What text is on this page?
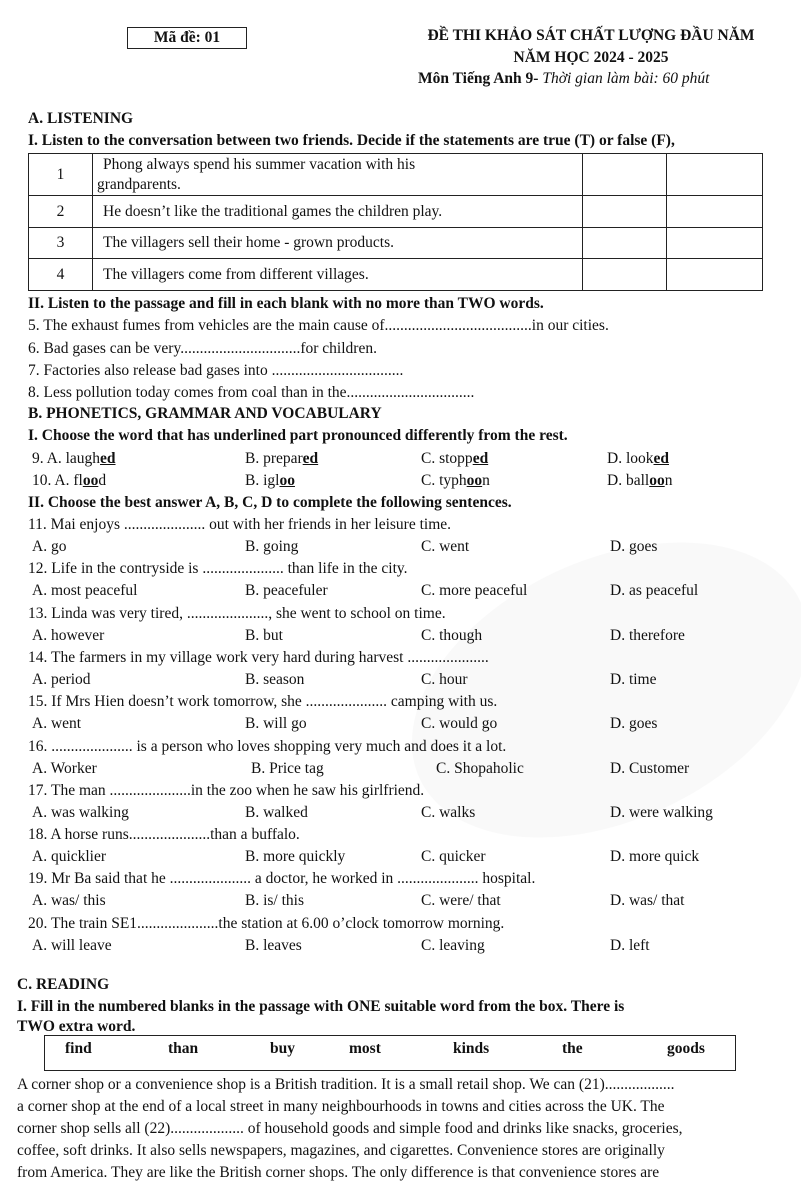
Mã đề: 01	ĐỀ THI KHẢO SÁT CHẤT LƯỢNG ĐẦU NĂM
NĂM HỌC 2024 - 2025
Môn Tiếng Anh 9- Thời gian làm bài: 60 phút
A. LISTENING
I. Listen to the conversation between two friends. Decide if the statements are true (T) or false (F),
1	Phong always spend his summer vacation with his
grandparents.		

2	He doesn’t like the traditional games the children play.		
3	The villagers sell their home - grown products.		
4	The villagers come from different villages.		
II. Listen to the passage and fill in each blank with no more than TWO words.
5. The exhaust fumes from vehicles are the main cause of......................................in our cities.
6. Bad gases can be very...............................for children.
7. Factories also release bad gases into ..................................
8. Less pollution today comes from coal than in the.................................
B. PHONETICS, GRAMMAR AND VOCABULARY
I. Choose the word that has underlined part pronounced differently from the rest.
9. A. laughed	B. prepared	C. stopped	D. looked
10. A. flood	B. igloo	C. typhoon	D. balloon
II. Choose the best answer A, B, C, D to complete the following sentences.
11. Mai enjoys ..................... out with her friends in her leisure time.
A. go	B. going	C. went	D. goes
12. Life in the contryside is ..................... than life in the city.
A. most peaceful	B. peacefuler	C. more peaceful	D. as peaceful
13. Linda was very tired, ....................., she went to school on time.
A. however	B. but	C. though	D. therefore
14. The farmers in my village work very hard during harvest .....................
A. period	B. season	C. hour	D. time
15. If Mrs Hien doesn’t work tomorrow, she ..................... camping with us.
A. went	B. will go	C. would go	D. goes
16. ..................... is a person who loves shopping very much and does it a lot.
A. Worker	B. Price tag	C. Shopaholic	D. Customer
17. The man .....................in the zoo when he saw his girlfriend.
A. was walking	B. walked	C. walks	D. were walking
18. A horse runs.....................than a buffalo.
A. quicklier	B. more quickly	C. quicker	D. more quick
19. Mr Ba said that he ..................... a doctor, he worked in ..................... hospital.
A. was/ this	B. is/ this	C. were/ that	D. was/ that
20. The train SE1.....................the station at 6.00 o’clock tomorrow morning.
A. will leave	B. leaves	C. leaving	D. left
C. READING
I. Fill in the numbered blanks in the passage with ONE suitable word from the box. There is
TWO extra word.
find	than	buy	most	kinds	the	goods
A corner shop or a convenience shop is a British tradition. It is a small retail shop. We can (21)..................
a corner shop at the end of a local street in many neighbourhoods in towns and cities across the UK. The
corner shop sells all (22)................... of household goods and simple food and drinks like snacks, groceries,
coffee, soft drinks. It also sells newspapers, magazines, and cigarettes. Convenience stores are originally
from America. They are like the British corner shops. The only difference is that convenience stores are
